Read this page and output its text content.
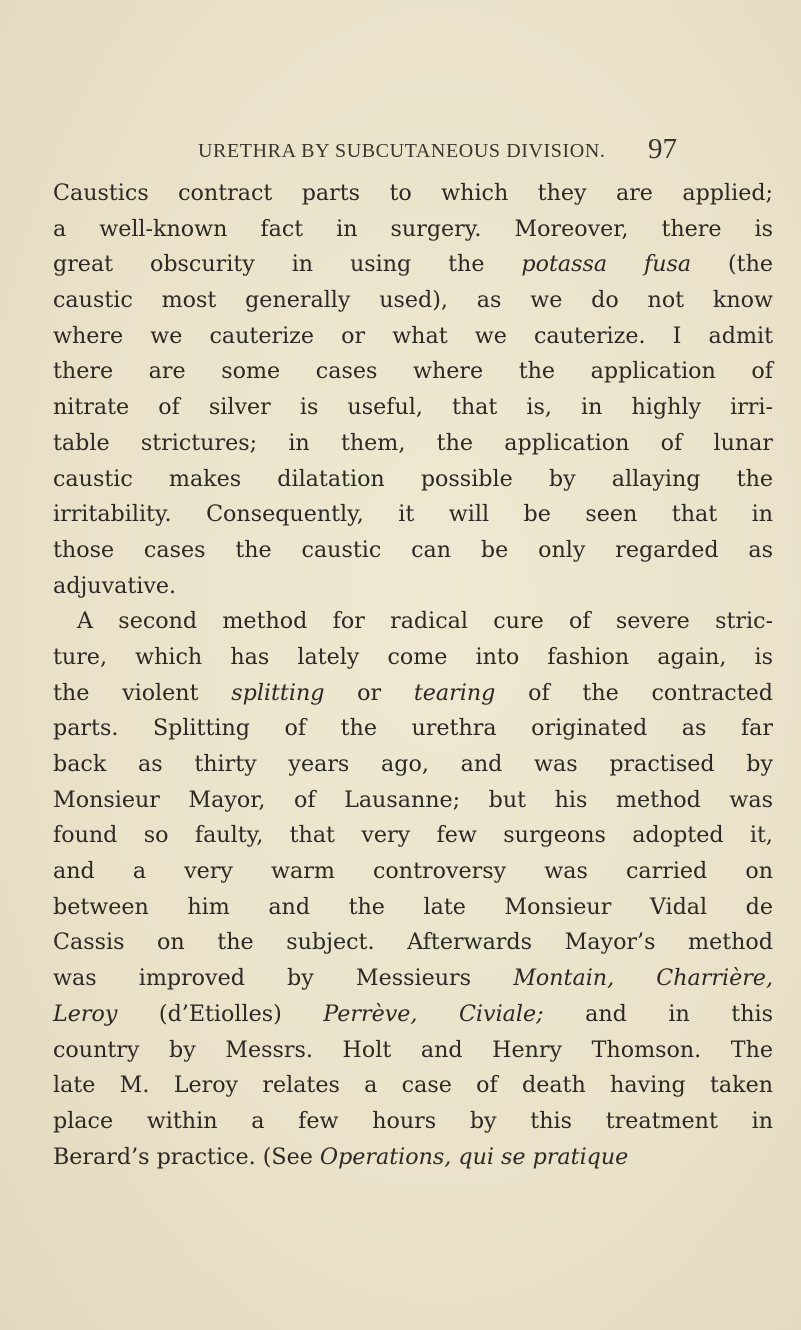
URETHRA BY SUBCUTANEOUS DIVISION. 97
Caustics contract parts to which they are applied;
a well-known fact in surgery. Moreover, there is
great obscurity in using the potassa fusa (the
caustic most generally used), as we do not know
where we cauterize or what we cauterize. I admit
there are some cases where the application of
nitrate of silver is useful, that is, in highly irri-
table strictures; in them, the application of lunar
caustic makes dilatation possible by allaying the
irritability. Consequently, it will be seen that in
those cases the caustic can be only regarded as
adjuvative.
A second method for radical cure of severe stric-
ture, which has lately come into fashion again, is
the violent splitting or tearing of the contracted
parts. Splitting of the urethra originated as far
back as thirty years ago, and was practised by
Monsieur Mayor, of Lausanne; but his method was
found so faulty, that very few surgeons adopted it,
and a very warm controversy was carried on
between him and the late Monsieur Vidal de
Cassis on the subject. Afterwards Mayor’s method
was improved by Messieurs Montain, Charrière,
Leroy (d’Etiolles) Perrève, Civiale; and in this
country by Messrs. Holt and Henry Thomson. The
late M. Leroy relates a case of death having taken
place within a few hours by this treatment in
Berard’s practice. (See Operations, qui se pratique
